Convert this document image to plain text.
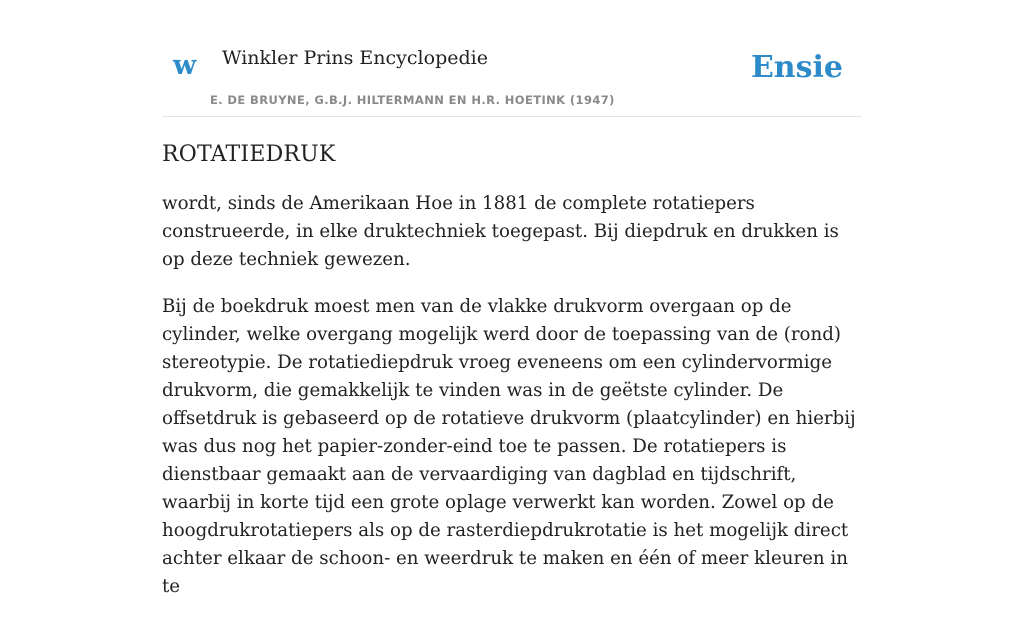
w Winkler Prins Encyclopedie
E. DE BRUYNE, G.B.J. HILTERMANN EN H.R. HOETINK (1947)
Ensie
ROTATIEDRUK

wordt, sinds de Amerikaan Hoe in 1881 de complete rotatiepers construeerde, in elke druktechniek toegepast. Bij diepdruk en drukken is op deze techniek gewezen.

Bij de boekdruk moest men van de vlakke drukvorm overgaan op de cylinder, welke overgang mogelijk werd door de toepassing van de (rond) stereotypie. De rotatiediepdruk vroeg eveneens om een cylindervormige drukvorm, die gemakkelijk te vinden was in de geëtste cylinder. De offsetdruk is gebaseerd op de rotatieve drukvorm (plaatcylinder) en hierbij was dus nog het papier-zonder-eind toe te passen. De rotatiepers is dienstbaar gemaakt aan de vervaardiging van dagblad en tijdschrift, waarbij in korte tijd een grote oplage verwerkt kan worden. Zowel op de hoogdrukrotatiepers als op de rasterdiepdrukrotatie is het mogelijk direct achter elkaar de schoon- en weerdruk te maken en één of meer kleuren in te
